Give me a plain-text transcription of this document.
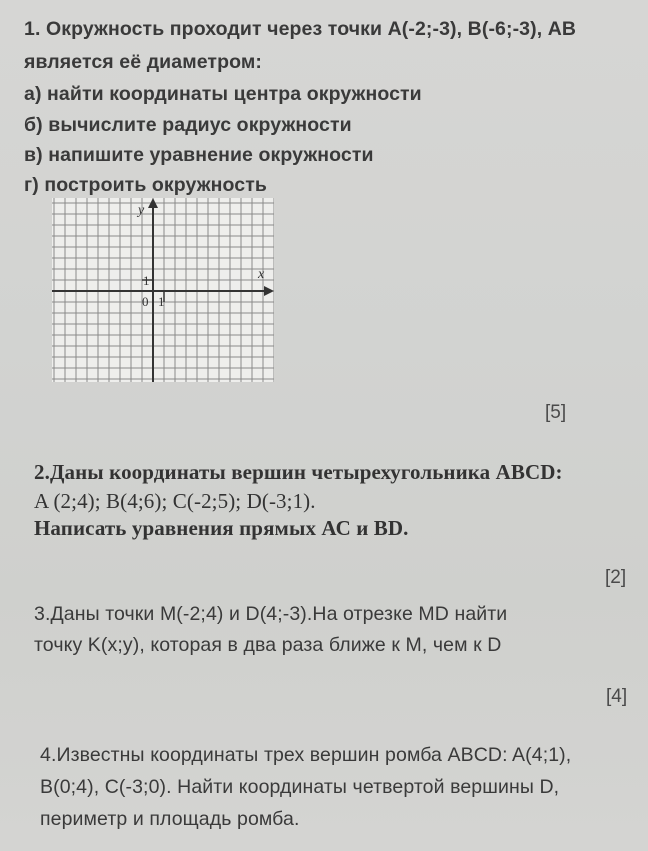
1. Окружность проходит через точки А(-2;-3), В(-6;-3), АВ
является её диаметром:
а) найти координаты центра окружности
б) вычислите радиус окружности
в) напишите уравнение окружности
г) построить окружность
y
x
0 1
1
[5]
2.Даны координаты вершин четырехугольника ABCD:
A (2;4); B(4;6); C(-2;5); D(-3;1).
Написать уравнения прямых АС и BD.
[2]
3.Даны точки M(-2;4) и D(4;-3).На отрезке MD найти
точку K(x;y), которая в два раза ближе к M, чем к D
[4]
4.Известны координаты трех вершин ромба ABCD: A(4;1),
B(0;4), C(-3;0). Найти координаты четвертой вершины D,
периметр и площадь ромба.
